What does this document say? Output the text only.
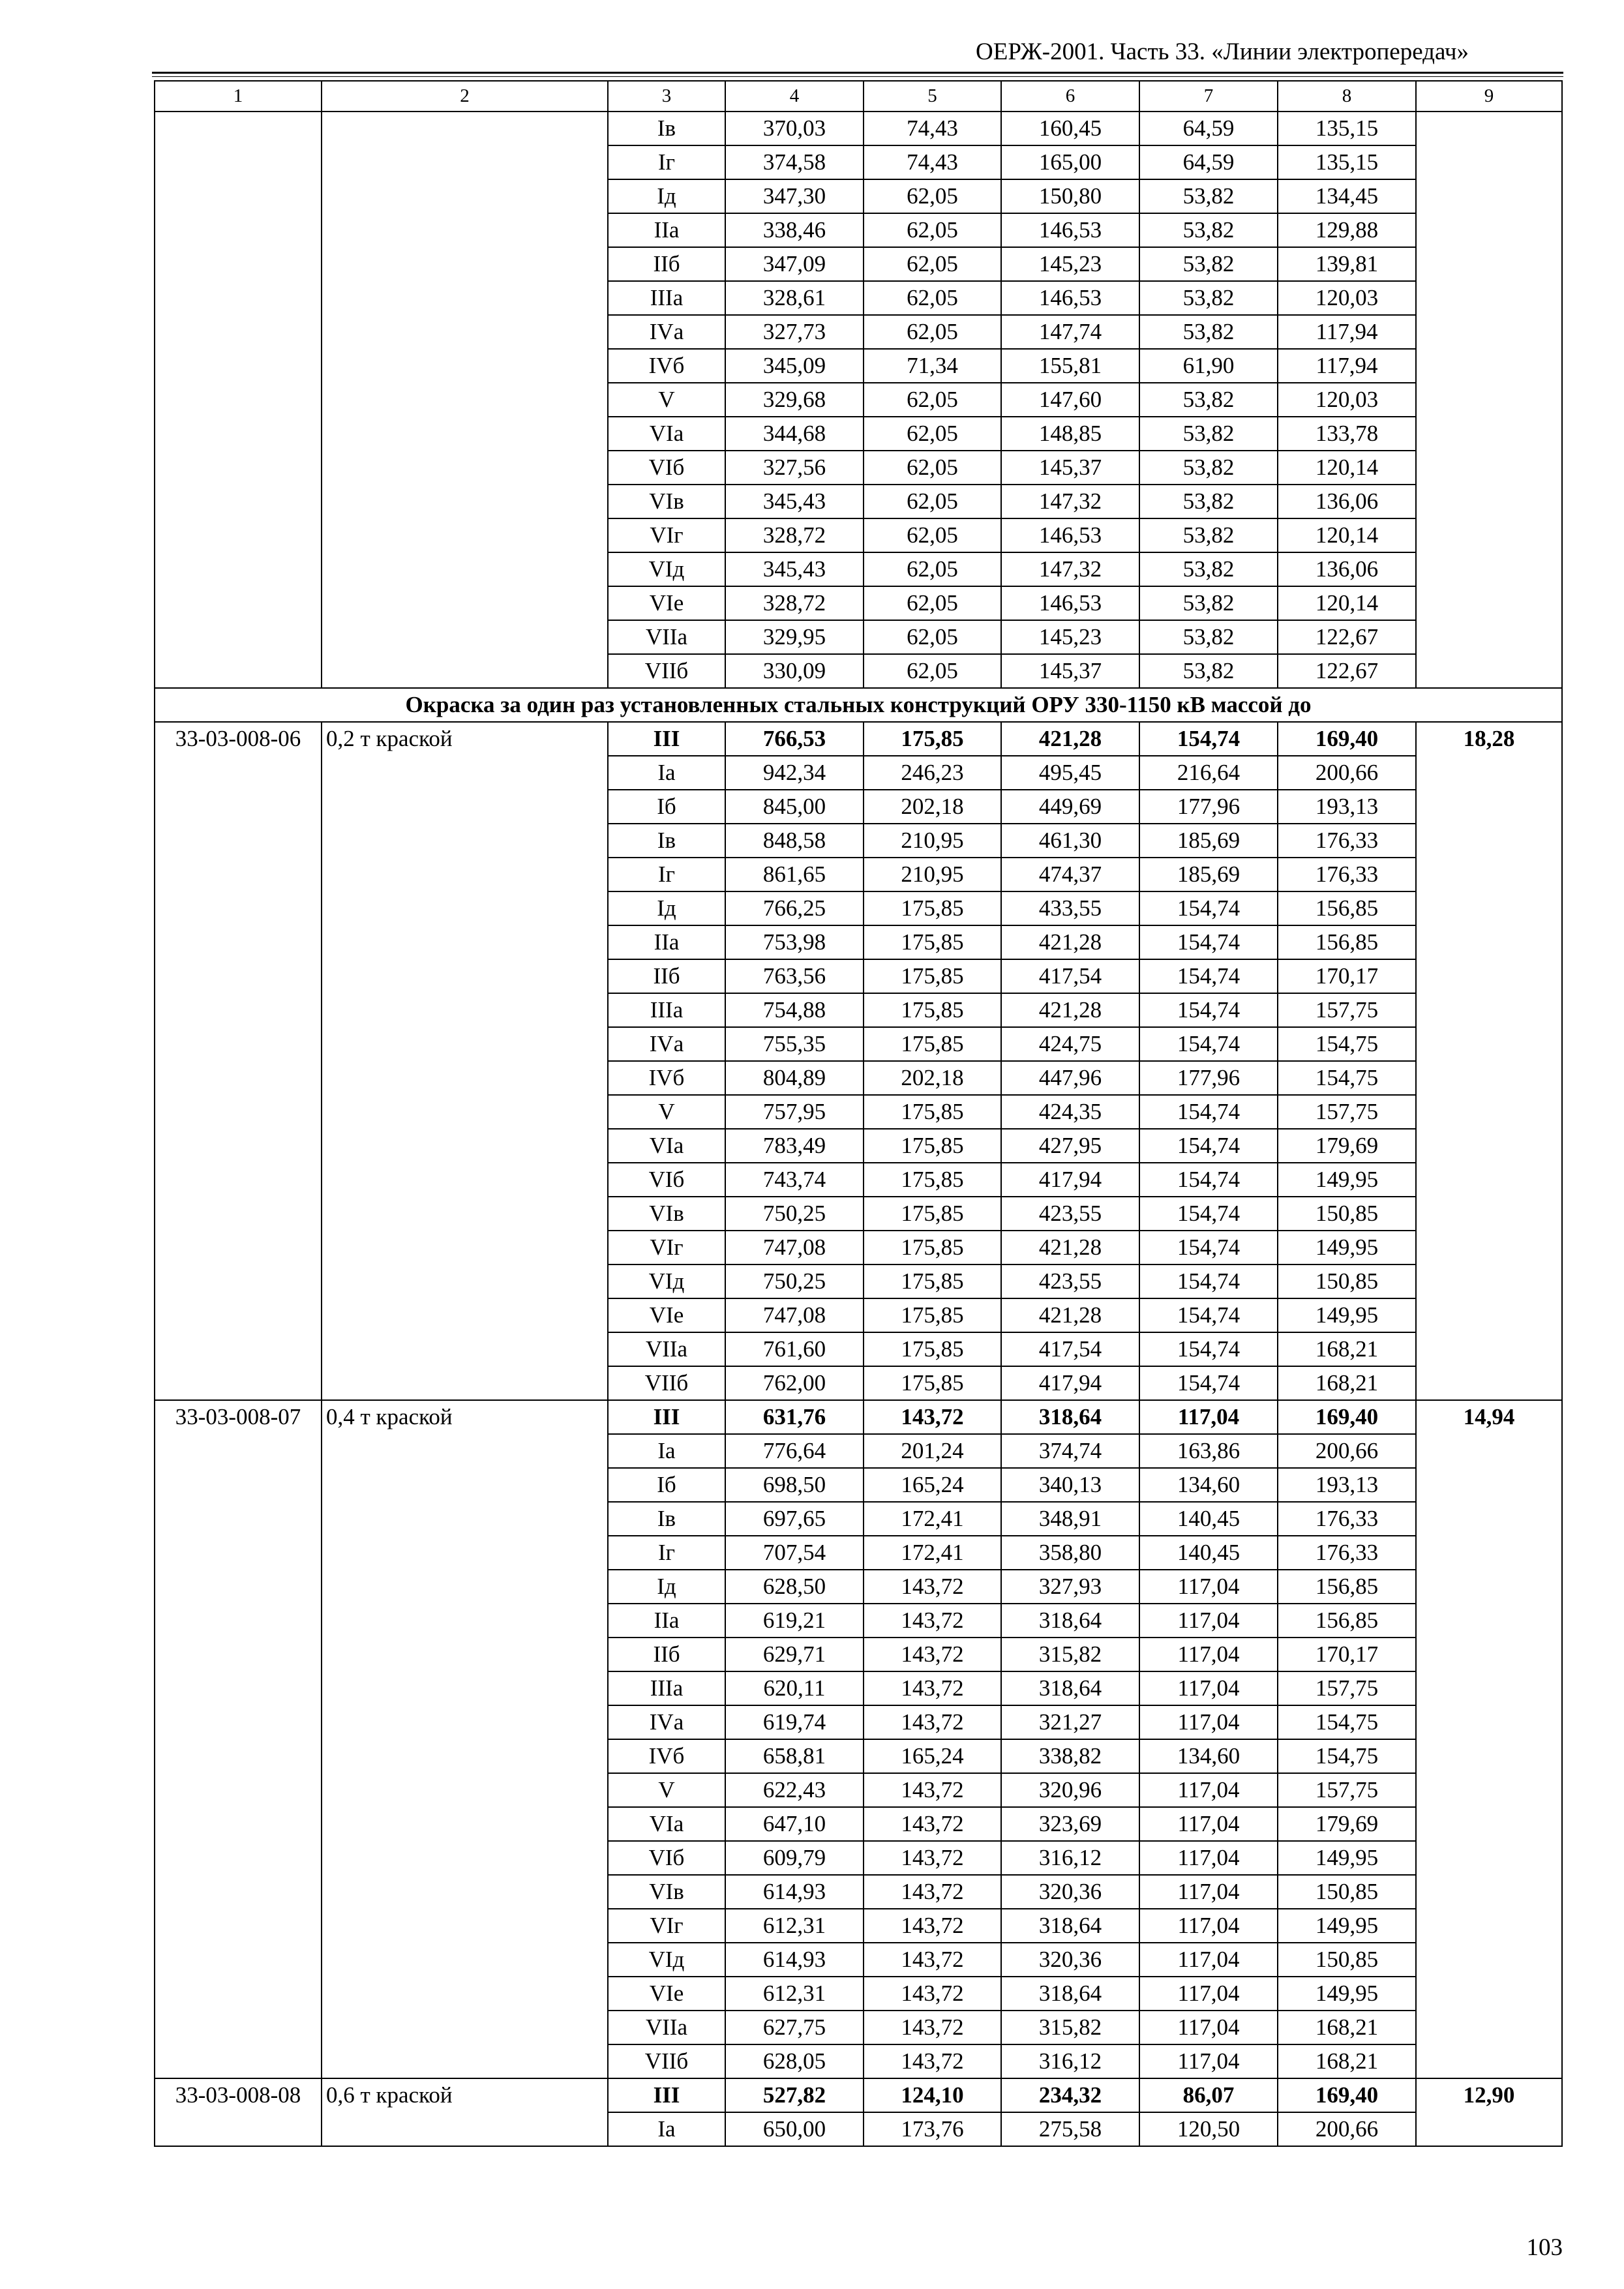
ОЕРЖ-2001. Часть 33. «Линии электропередач»
1	2	3	4	5	6	7	8	9
		Iв	370,03	74,43	160,45	64,59	135,15	
		Iг	374,58	74,43	165,00	64,59	135,15	
		Iд	347,30	62,05	150,80	53,82	134,45	
		IIа	338,46	62,05	146,53	53,82	129,88	
		IIб	347,09	62,05	145,23	53,82	139,81	
		IIIа	328,61	62,05	146,53	53,82	120,03	
		IVа	327,73	62,05	147,74	53,82	117,94	
		IVб	345,09	71,34	155,81	61,90	117,94	
		V	329,68	62,05	147,60	53,82	120,03	
		VIа	344,68	62,05	148,85	53,82	133,78	
		VIб	327,56	62,05	145,37	53,82	120,14	
		VIв	345,43	62,05	147,32	53,82	136,06	
		VIг	328,72	62,05	146,53	53,82	120,14	
		VIд	345,43	62,05	147,32	53,82	136,06	
		VIе	328,72	62,05	146,53	53,82	120,14	
		VIIа	329,95	62,05	145,23	53,82	122,67	
		VIIб	330,09	62,05	145,37	53,82	122,67	
Окраска за один раз установленных стальных конструкций ОРУ 330-1150 кВ массой до								
33-03-008-06	0,2 т краской	III	766,53	175,85	421,28	154,74	169,40	18,28
		Iа	942,34	246,23	495,45	216,64	200,66	
		Iб	845,00	202,18	449,69	177,96	193,13	
		Iв	848,58	210,95	461,30	185,69	176,33	
		Iг	861,65	210,95	474,37	185,69	176,33	
		Iд	766,25	175,85	433,55	154,74	156,85	
		IIа	753,98	175,85	421,28	154,74	156,85	
		IIб	763,56	175,85	417,54	154,74	170,17	
		IIIа	754,88	175,85	421,28	154,74	157,75	
		IVа	755,35	175,85	424,75	154,74	154,75	
		IVб	804,89	202,18	447,96	177,96	154,75	
		V	757,95	175,85	424,35	154,74	157,75	
		VIа	783,49	175,85	427,95	154,74	179,69	
		VIб	743,74	175,85	417,94	154,74	149,95	
		VIв	750,25	175,85	423,55	154,74	150,85	
		VIг	747,08	175,85	421,28	154,74	149,95	
		VIд	750,25	175,85	423,55	154,74	150,85	
		VIе	747,08	175,85	421,28	154,74	149,95	
		VIIа	761,60	175,85	417,54	154,74	168,21	
		VIIб	762,00	175,85	417,94	154,74	168,21	
33-03-008-07	0,4 т краской	III	631,76	143,72	318,64	117,04	169,40	14,94
		Iа	776,64	201,24	374,74	163,86	200,66	
		Iб	698,50	165,24	340,13	134,60	193,13	
		Iв	697,65	172,41	348,91	140,45	176,33	
		Iг	707,54	172,41	358,80	140,45	176,33	
		Iд	628,50	143,72	327,93	117,04	156,85	
		IIа	619,21	143,72	318,64	117,04	156,85	
		IIб	629,71	143,72	315,82	117,04	170,17	
		IIIа	620,11	143,72	318,64	117,04	157,75	
		IVа	619,74	143,72	321,27	117,04	154,75	
		IVб	658,81	165,24	338,82	134,60	154,75	
		V	622,43	143,72	320,96	117,04	157,75	
		VIа	647,10	143,72	323,69	117,04	179,69	
		VIб	609,79	143,72	316,12	117,04	149,95	
		VIв	614,93	143,72	320,36	117,04	150,85	
		VIг	612,31	143,72	318,64	117,04	149,95	
		VIд	614,93	143,72	320,36	117,04	150,85	
		VIе	612,31	143,72	318,64	117,04	149,95	
		VIIа	627,75	143,72	315,82	117,04	168,21	
		VIIб	628,05	143,72	316,12	117,04	168,21	
33-03-008-08	0,6 т краской	III	527,82	124,10	234,32	86,07	169,40	12,90
		Iа	650,00	173,76	275,58	120,50	200,66	
103
